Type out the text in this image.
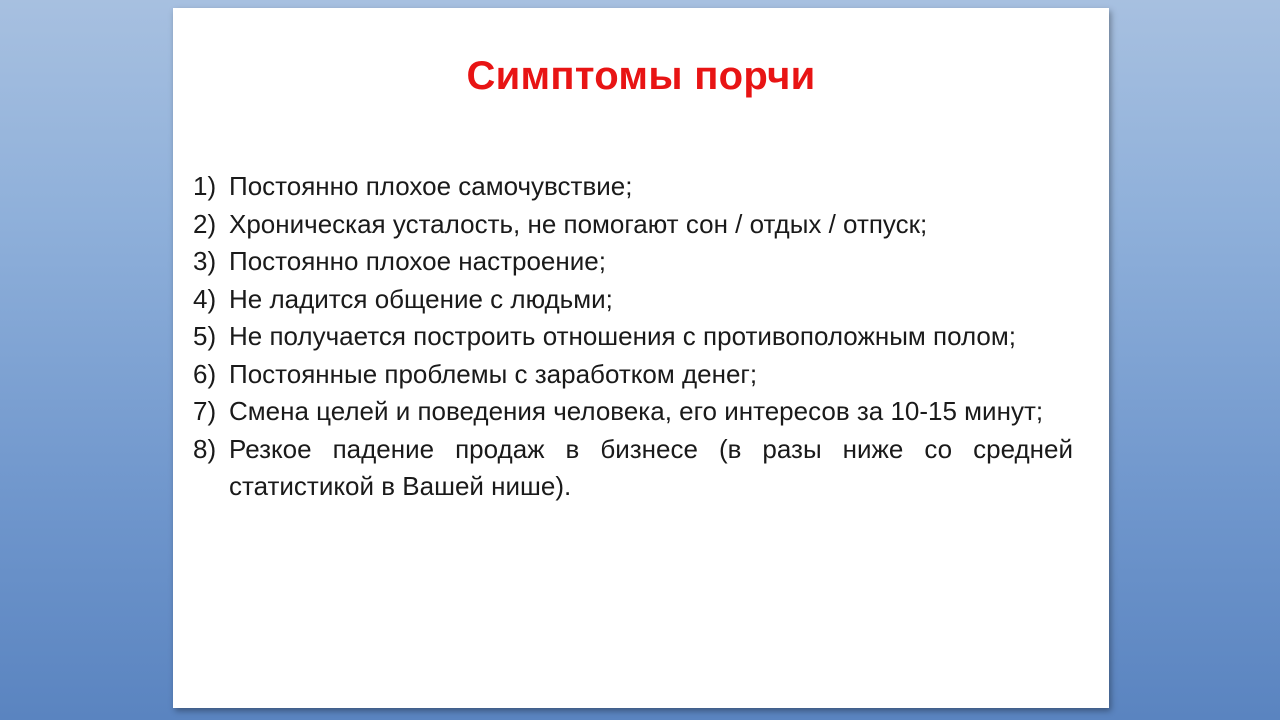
Симптомы порчи
1) Постоянно плохое самочувствие;
2) Хроническая усталость, не помогают сон / отдых / отпуск;
3) Постоянно плохое настроение;
4) Не ладится общение с людьми;
5) Не получается построить отношения с противоположным полом;
6) Постоянные проблемы с заработком денег;
7) Смена целей и поведения человека, его интересов за 10-15 минут;
8) Резкое падение продаж в бизнесе (в разы ниже со средней статистикой в Вашей нише).
